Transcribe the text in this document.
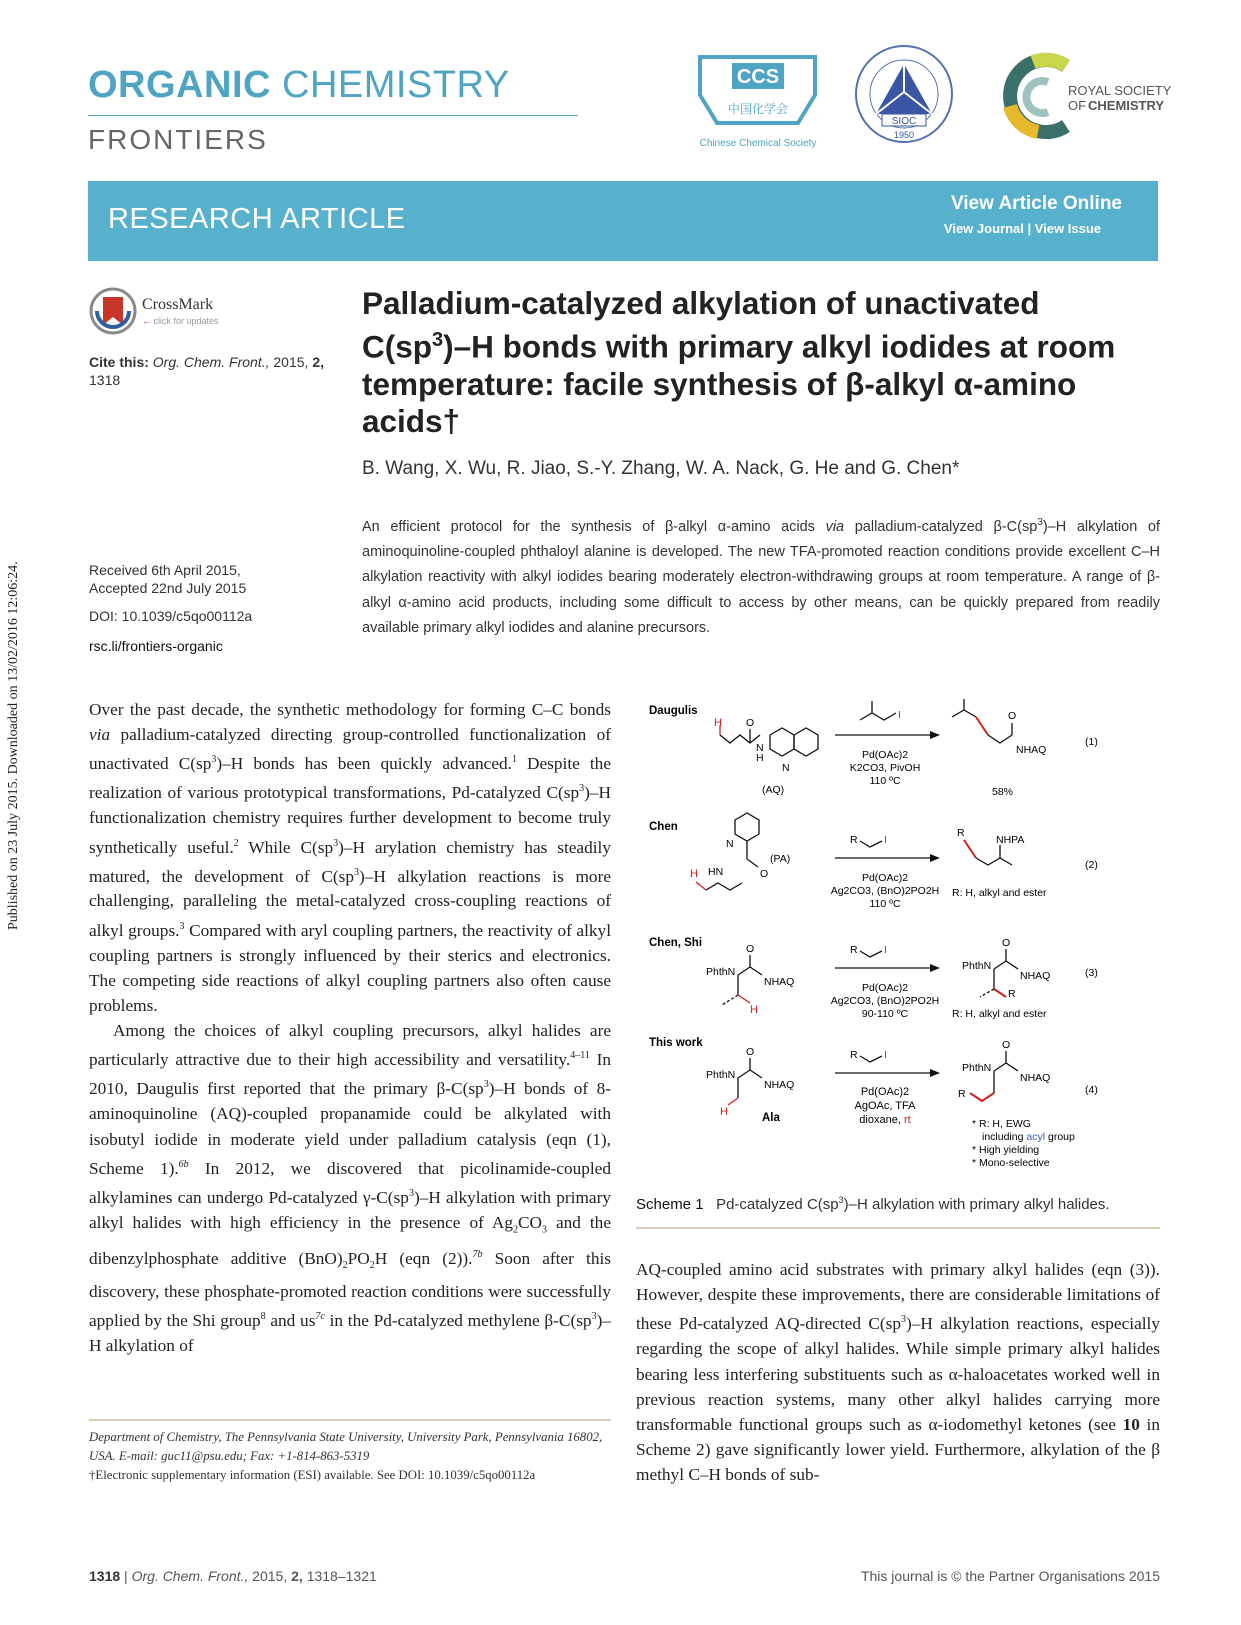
ORGANIC CHEMISTRY
FRONTIERS
CCS
中国化学会
Chinese Chemical Society
SIOC
1950
ROYAL SOCIETY
OF CHEMISTRY
RESEARCH ARTICLE	View Article Online
View Journal | View Issue
CrossMark
← click for updates
Cite this: Org. Chem. Front., 2015, 2,
1318
Received 6th April 2015,
Accepted 22nd July 2015
DOI: 10.1039/c5qo00112a
rsc.li/frontiers-organic
Palladium-catalyzed alkylation of unactivated
$C(sp^3)-H$ bonds with primary alkyl iodides at room
temperature: facile synthesis of β-alkyl α-amino
acids†
B. Wang, X. Wu, R. Jiao, S.-Y. Zhang, W. A. Nack, G. He and G. Chen*
An efficient protocol for the synthesis of β-alkyl α-amino acids via palladium-catalyzed $\beta-C(sp^3)-H$ alkylation of aminoquinoline-coupled phthaloyl alanine is developed. The new TFA-promoted reaction conditions provide excellent C–H alkylation reactivity with alkyl iodides bearing moderately electron-withdrawing groups at room temperature. A range of β-alkyl α-amino acid products, including some difficult to access by other means, can be quickly prepared from readily available primary alkyl iodides and alanine precursors.
Published on 23 July 2015. Downloaded on 13/02/2016 12:06:24.	Over the past decade, the synthetic methodology for forming C–C bonds via palladium-catalyzed directing group-controlled functionalization of unactivated $C(sp^3)-H$ bonds has been quickly advanced.$^1$ Despite the realization of various prototypical transformations, Pd-catalyzed $C(sp^3)-H$ functionalization chemistry requires further development to become truly synthetically useful.$^2$ While $C(sp^3)-H$ arylation chemistry has steadily matured, the development of $C(sp^3)-H$ alkylation reactions is more challenging, paralleling the metal-catalyzed cross-coupling reactions of alkyl groups.$^3$ Compared with aryl coupling partners, the reactivity of alkyl coupling partners is strongly influenced by their sterics and electronics. The competing side reactions of alkyl coupling partners also often cause problems.

Among the choices of alkyl coupling precursors, alkyl halides are particularly attractive due to their high accessibility and versatility.$^{4-11}$ In 2010, Daugulis first reported that the primary $\beta-C(sp^3)-H$ bonds of 8-aminoquinoline (AQ)-coupled propanamide could be alkylated with isobutyl iodide in moderate yield under palladium catalysis (eqn (1), Scheme 1).$^{6b}$ In 2012, we discovered that picolinamide-coupled alkylamines can undergo Pd-catalyzed $\gamma-C(sp^3)-H$ alkylation with primary alkyl halides with high efficiency in the presence of $Ag_2CO_3$ and the dibenzylphosphate additive $(BnO)_2PO_2H$ (eqn (2)).$^{7b}$ Soon after this discovery, these phosphate-promoted reaction conditions were successfully applied by the Shi group$^8$ and $us^{7c}$ in the Pd-catalyzed methylene $\beta-C(sp^3)-H$ alkylation of

Department of Chemistry, The Pennsylvania State University, University Park, Pennsylvania 16802, USA. E-mail: guc11@psu.edu; Fax: +1-814-863-5319
†Electronic supplementary information (ESI) available. See DOI: 10.1039/c5qo00112a
Daugulis
H O
N
H
N
(AQ)
I
Pd(OAc)2
K2CO3, PivOH
110 ºC
O
NHAQ
58%
(1)
Chen
N
O
(PA)
HN
H
R	I
Pd(OAc)2
Ag2CO3, (BnO)2PO2H
110 ºC
R
NHPA
R: H, alkyl and ester
(2)
Chen, Shi
PhthN
O
NHAQ
H
R	I
Pd(OAc)2
Ag2CO3, (BnO)2PO2H
90-110 ºC
PhthN
O
NHAQ
R
R: H, alkyl and ester
(3)
This work
PhthN
O
NHAQ
H	Ala
R	I
Pd(OAc)2
AgOAc, TFA
dioxane, rt
PhthN
O
NHAQ
R
* R: H, EWG
including acyl group
* High yielding
* Mono-selective
(4)
Scheme 1 Pd-catalyzed $C(sp^3)-H$ alkylation with primary alkyl halides.

AQ-coupled amino acid substrates with primary alkyl halides (eqn (3)). However, despite these improvements, there are considerable limitations of these Pd-catalyzed AQ-directed $C(sp^3)-H$ alkylation reactions, especially regarding the scope of alkyl halides. While simple primary alkyl halides bearing less interfering substituents such as α-haloacetates worked well in previous reaction systems, many other alkyl halides carrying more transformable functional groups such as α-iodomethyl ketones (see 10 in Scheme 2) gave significantly lower yield. Furthermore, alkylation of the β methyl C–H bonds of sub-

1318 | Org. Chem. Front., 2015, 2, 1318–1321	This journal is © the Partner Organisations 2015
